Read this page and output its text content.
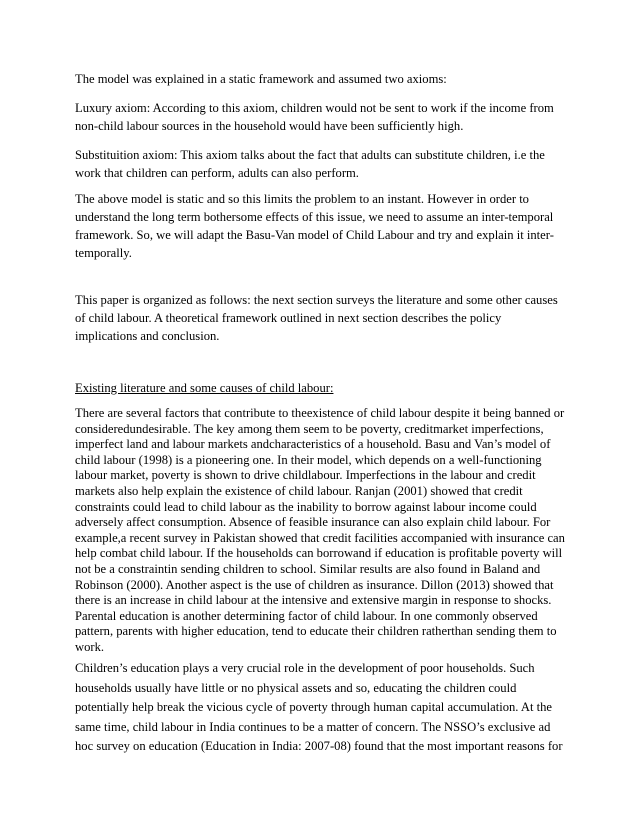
The model was explained in a static framework and assumed two axioms:

Luxury axiom: According to this axiom, children would not be sent to work if the income from non-child labour sources in the household would have been sufficiently high.

Substituition axiom: This axiom talks about the fact that adults can substitute children, i.e the work that children can perform, adults can also perform.

The above model is static and so this limits the problem to an instant. However in order to understand the long term bothersome effects of this issue, we need to assume an inter-temporal framework. So, we will adapt the Basu-Van model of Child Labour and try and explain it inter-temporally.

This paper is organized as follows: the next section surveys the literature and some other causes of child labour. A theoretical framework outlined in next section describes the policy implications and conclusion.

Existing literature and some causes of child labour:

There are several factors that contribute to theexistence of child labour despite it being banned or consideredundesirable. The key among them seem to be poverty, creditmarket imperfections, imperfect land and labour markets andcharacteristics of a household. Basu and Van’s model of child labour (1998) is a pioneering one. In their model, which depends on a well-functioning labour market, poverty is shown to drive childlabour. Imperfections in the labour and credit markets also help explain the existence of child labour. Ranjan (2001) showed that credit constraints could lead to child labour as the inability to borrow against labour income could adversely affect consumption. Absence of feasible insurance can also explain child labour. For example,a recent survey in Pakistan showed that credit facilities accompanied with insurance can help combat child labour. If the households can borrowand if education is profitable poverty will not be a constraintin sending children to school. Similar results are also found in Baland and Robinson (2000). Another aspect is the use of children as insurance. Dillon (2013) showed that there is an increase in child labour at the intensive and extensive margin in response to shocks. Parental education is another determining factor of child labour. In one commonly observed pattern, parents with higher education, tend to educate their children ratherthan sending them to work.

Children’s education plays a very crucial role in the development of poor households. Such households usually have little or no physical assets and so, educating the children could potentially help break the vicious cycle of poverty through human capital accumulation. At the same time, child labour in India continues to be a matter of concern. The NSSO’s exclusive ad hoc survey on education (Education in India: 2007-08) found that the most important reasons for
